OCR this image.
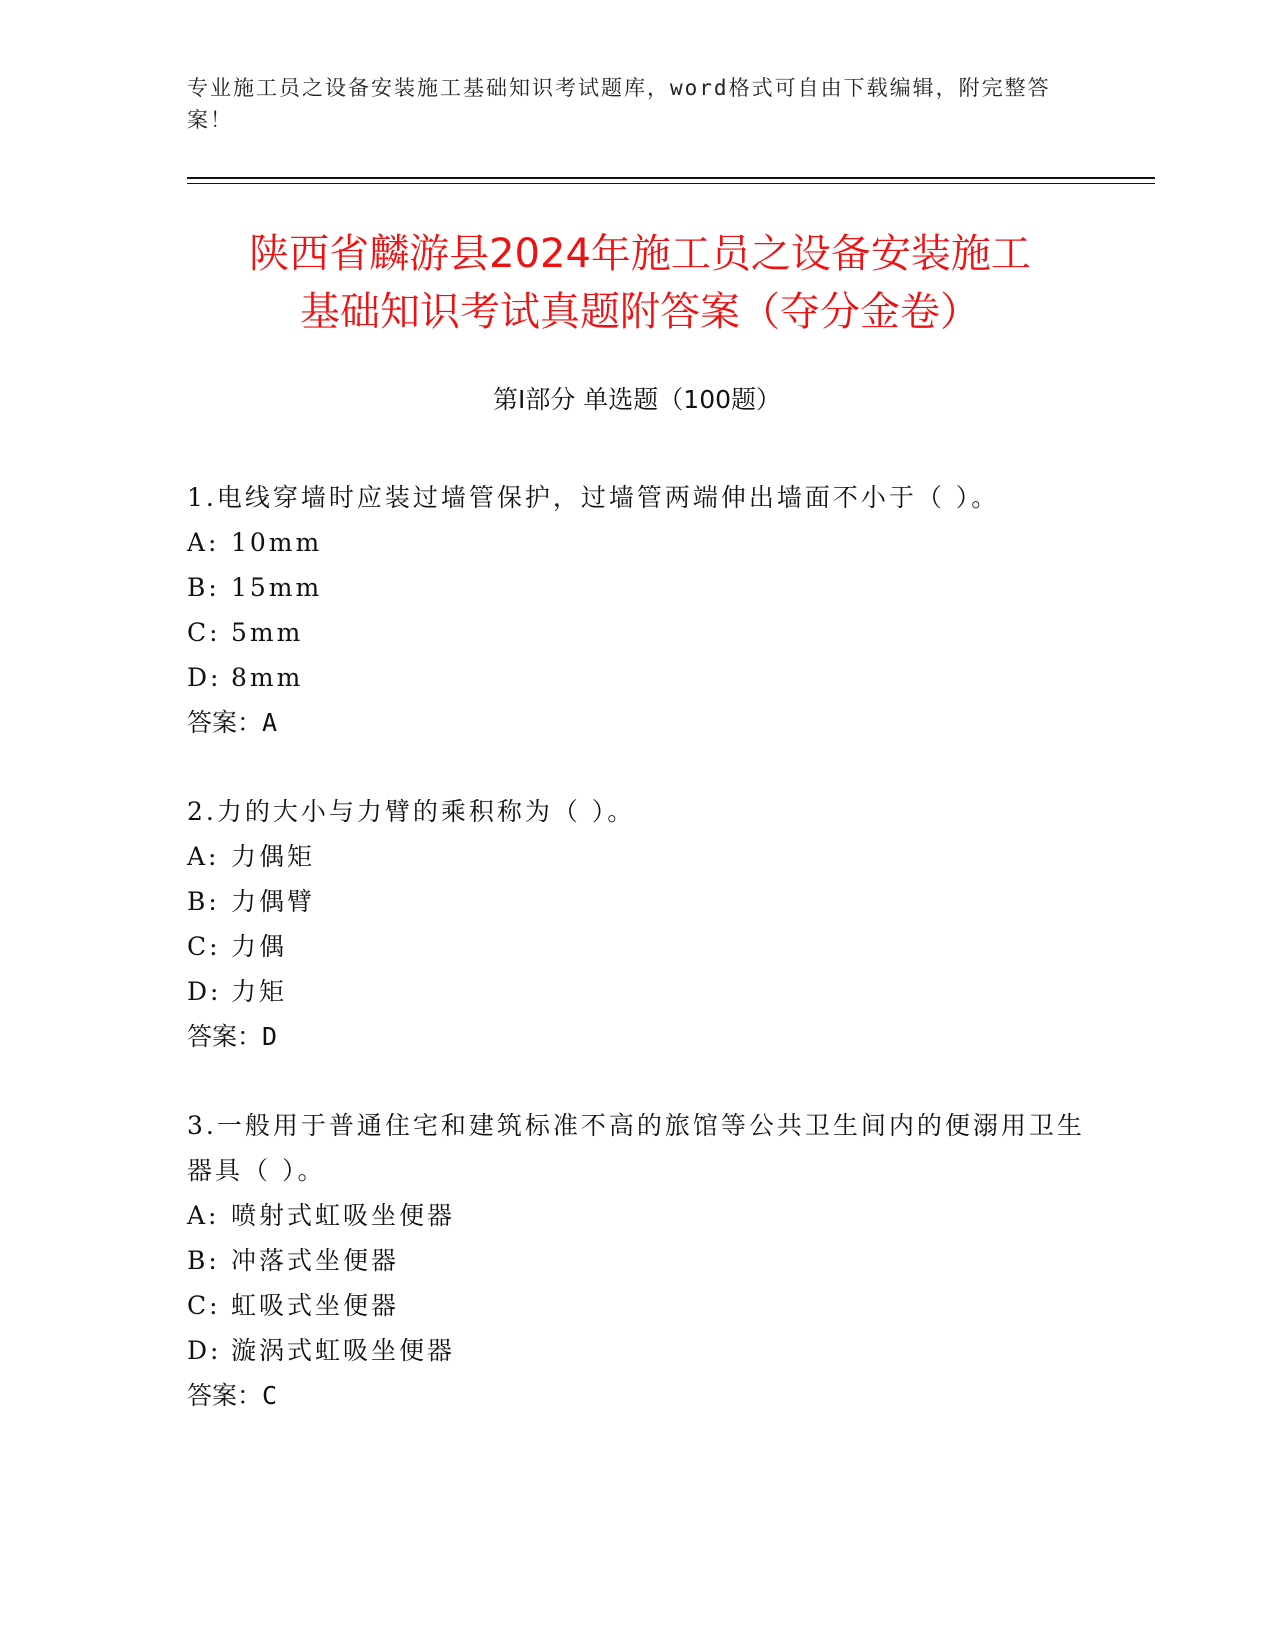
专业施工员之设备安装施工基础知识考试题库，word格式可自由下载编辑，附完整答案！

陕西省麟游县2024年施工员之设备安装施工
基础知识考试真题附答案（夺分金卷）
第Ⅰ部分 单选题（100题）

1.电线穿墙时应装过墙管保护，过墙管两端伸出墙面不小于（ ）。

A: 10mm

B: 15mm

C: 5mm

D: 8mm

答案：A

2.力的大小与力臂的乘积称为（ ）。

A: 力偶矩

B: 力偶臂

C: 力偶

D: 力矩

答案：D

3.一般用于普通住宅和建筑标准不高的旅馆等公共卫生间内的便溺用卫生器具（ ）。

A: 喷射式虹吸坐便器

B: 冲落式坐便器

C: 虹吸式坐便器

D: 漩涡式虹吸坐便器

答案：C
